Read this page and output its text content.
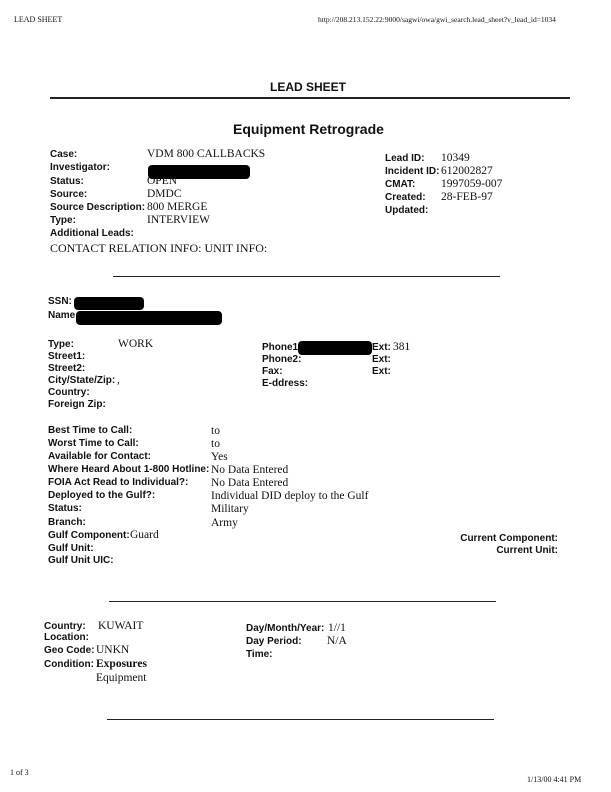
LEAD SHEET	http://208.213.152.22:9000/sagwi/owa/gwi_search.lead_sheet?v_lead_id=1034
LEAD SHEET
Equipment Retrograde
Case:	VDM 800 CALLBACKS
Investigator:
Status:	OPEN
Source:	DMDC
Source Description: 800 MERGE
Type:	INTERVIEW
Additional Leads:
CONTACT RELATION INFO: UNIT INFO:
Lead ID: 10349
Incident ID: 612002827
CMAT: 1997059-007
Created: 28-FEB-97
Updated:
SSN:
Name
Type:	WORK
Street1:
Street2:
City/State/Zip: ,
Country:
Foreign Zip:
Phone1	Ext: 381
Phone2:	Ext:
Fax:	Ext:
E-ddress:
Best Time to Call:	to
Worst Time to Call:	to
Available for Contact:	Yes
Where Heard About 1-800 Hotline: No Data Entered
FOIA Act Read to Individual?: No Data Entered
Deployed to the Gulf?:	Individual DID deploy to the Gulf
Status:	Military
Branch:	Army
Gulf Component: Guard
Gulf Unit:
Gulf Unit UIC:
Current Component:
Current Unit:
Country: KUWAIT
Location:
Geo Code: UNKN
Condition: Exposures
Equipment
Day/Month/Year: 1//1
Day Period: N/A
Time:
1 of 3
1/13/00 4:41 PM
